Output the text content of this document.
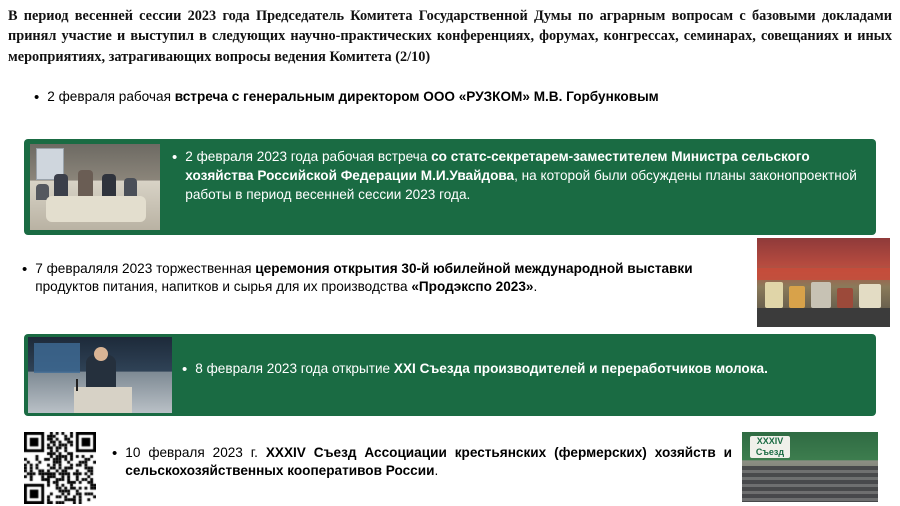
В период весенней сессии 2023 года Председатель Комитета Государственной Думы по аграрным вопросам с базовыми докладами принял участие и выступил в следующих научно-практических конференциях, форумах, конгрессах, семинарах, совещаниях и иных мероприятиях, затрагивающих вопросы ведения Комитета (2/10)
• 2 февраля рабочая встреча с генеральным директором ООО «РУЗКОМ» М.В. Горбунковым
• 2 февраля 2023 года рабочая встреча со статс-секретарем-заместителем Министра сельского хозяйства Российской Федерации М.И.Увайдова, на которой были обсуждены планы законопроектной работы в период весенней сессии 2023 года.
• 7 февраляля 2023 торжественная церемония открытия 30-й юбилейной международной выставки продуктов питания, напитков и сырья для их производства «Продэкспо 2023».
• 8 февраля 2023 года открытие XXI Съезда производителей и переработчиков молока.
• 10 февраля 2023 г. XXXIV Съезд Ассоциации крестьянских (фермерских) хозяйств и сельскохозяйственных кооперативов России.
XXXIV Съезд
